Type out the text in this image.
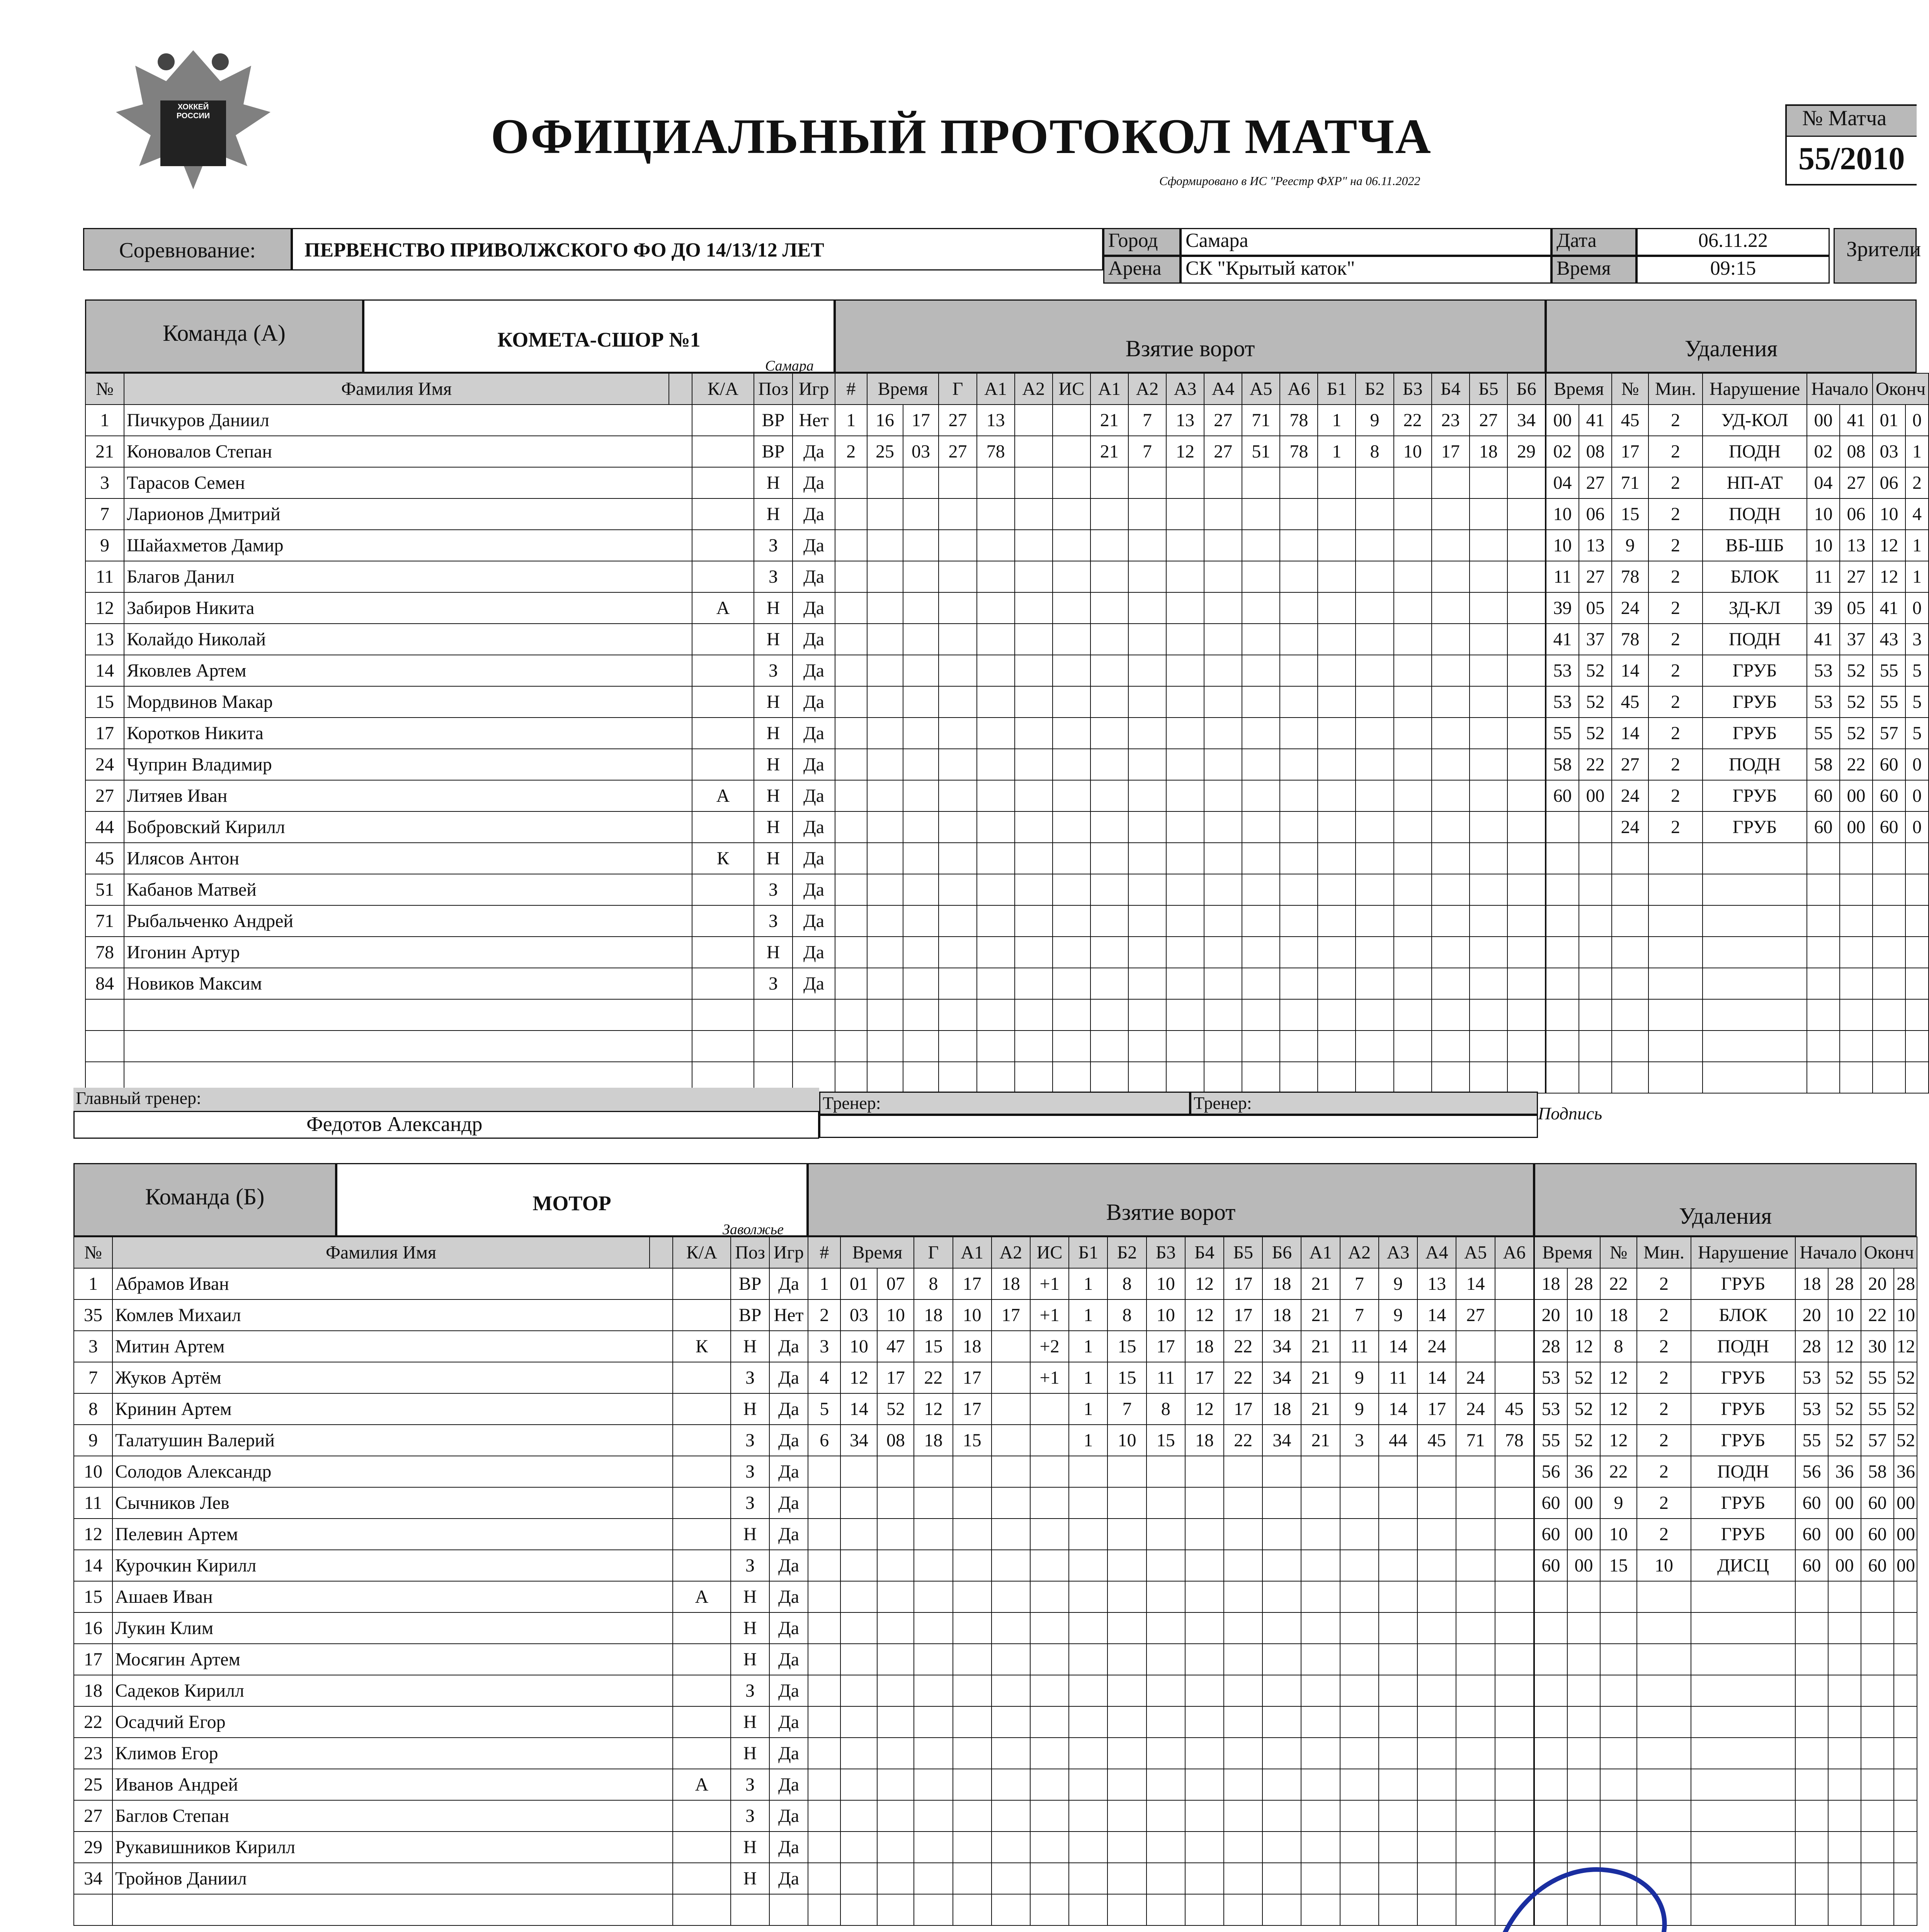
ХОККЕЙ РОССИИ	ОФИЦИАЛЬНЫЙ ПРОТОКОЛ МАТЧА
Сформировано в ИС "Реестр ФХР" на 06.11.2022
№ Матча
55/2010
Соревнование:	ПЕРВЕНСТВО ПРИВОЛЖСКОГО ФО ДО 14/13/12 ЛЕТ	Город	Самара
Арена	СК "Крытый каток"
Дата	06.11.22
Время	09:15
Зрители
Команда (А)	КОМЕТА-СШОР №1
Самара
№	Фамилия Имя		К/А	Поз	Игр
1	Пичкуров Даниил			ВР	Нет
21	Коновалов Степан			ВР	Да
3	Тарасов Семен			Н	Да
7	Ларионов Дмитрий			Н	Да
9	Шайахметов Дамир			З	Да
11	Благов Данил			З	Да
12	Забиров Никита		А	Н	Да
13	Колайдо Николай			Н	Да
14	Яковлев Артем			З	Да
15	Мордвинов Макар			Н	Да
17	Коротков Никита			Н	Да
24	Чуприн Владимир			Н	Да
27	Литяев Иван		А	Н	Да
44	Бобровский Кирилл			Н	Да
45	Илясов Антон		К	Н	Да
51	Кабанов Матвей			З	Да
71	Рыбальченко Андрей			З	Да
78	Игонин Артур			Н	Да
84	Новиков Максим			З	Да

Взятие ворот
#	Время		Г	А1	А2	ИС	А1	А2	А3	А4	А5	А6	Б1	Б2	Б3	Б4	Б5	Б6
1	16	17	27	13			21	7	13	27	71	78	1	9	22	23	27	34
2	25	03	27	78			21	7	12	27	51	78	1	8	10	17	18	29

Удаления
Время		№	Мин.	Нарушение	Начало		Оконч	
00	41	45	2	УД-КОЛ	00	41	01	0
02	08	17	2	ПОДН	02	08	03	1
04	27	71	2	НП-АТ	04	27	06	2
10	06	15	2	ПОДН	10	06	10	4
10	13	9	2	ВБ-ШБ	10	13	12	1
11	27	78	2	БЛОК	11	27	12	1
39	05	24	2	ЗД-КЛ	39	05	41	0
41	37	78	2	ПОДН	41	37	43	3
53	52	14	2	ГРУБ	53	52	55	5
53	52	45	2	ГРУБ	53	52	55	5
55	52	14	2	ГРУБ	55	52	57	5
58	22	27	2	ПОДН	58	22	60	0
60	00	24	2	ГРУБ	60	00	60	0
		24	2	ГРУБ	60	00	60	0

Главный тренер:
Федотов Александр
Тренер:	Тренер:
Подпись
Команда (Б)	МОТОР
Заволжье
№	Фамилия Имя		К/А	Поз	Игр
1	Абрамов Иван			ВР	Да
35	Комлев Михаил			ВР	Нет
3	Митин Артем		К	Н	Да
7	Жуков Артём			З	Да
8	Кринин Артем			Н	Да
9	Талатушин Валерий			З	Да
10	Солодов Александр			З	Да
11	Сычников Лев			З	Да
12	Пелевин Артем			Н	Да
14	Курочкин Кирилл			З	Да
15	Ашаев Иван		А	Н	Да
16	Лукин Клим			Н	Да
17	Мосягин Артем			Н	Да
18	Садеков Кирилл			З	Да
22	Осадчий Егор			Н	Да
23	Климов Егор			Н	Да
25	Иванов Андрей		А	З	Да
27	Баглов Степан			З	Да
29	Рукавишников Кирилл			Н	Да
34	Тройнов Даниил			Н	Да

Взятие ворот
#	Время		Г	А1	А2	ИС	Б1	Б2	Б3	Б4	Б5	Б6	А1	А2	А3	А4	А5	А6
1	01	07	8	17	18	+1	1	8	10	12	17	18	21	7	9	13	14	
2	03	10	18	10	17	+1	1	8	10	12	17	18	21	7	9	14	27	
3	10	47	15	18		+2	1	15	17	18	22	34	21	11	14	24		
4	12	17	22	17		+1	1	15	11	17	22	34	21	9	11	14	24	
5	14	52	12	17			1	7	8	12	17	18	21	9	14	17	24	45
6	34	08	18	15			1	10	15	18	22	34	21	3	44	45	71	78

Удаления
Время		№	Мин.	Нарушение	Начало		Оконч	
18	28	22	2	ГРУБ	18	28	20	28
20	10	18	2	БЛОК	20	10	22	10
28	12	8	2	ПОДН	28	12	30	12
53	52	12	2	ГРУБ	53	52	55	52
53	52	12	2	ГРУБ	53	52	55	52
55	52	12	2	ГРУБ	55	52	57	52
56	36	22	2	ПОДН	56	36	58	36
60	00	9	2	ГРУБ	60	00	60	00
60	00	10	2	ГРУБ	60	00	60	00
60	00	15	10	ДИСЦ	60	00	60	00
